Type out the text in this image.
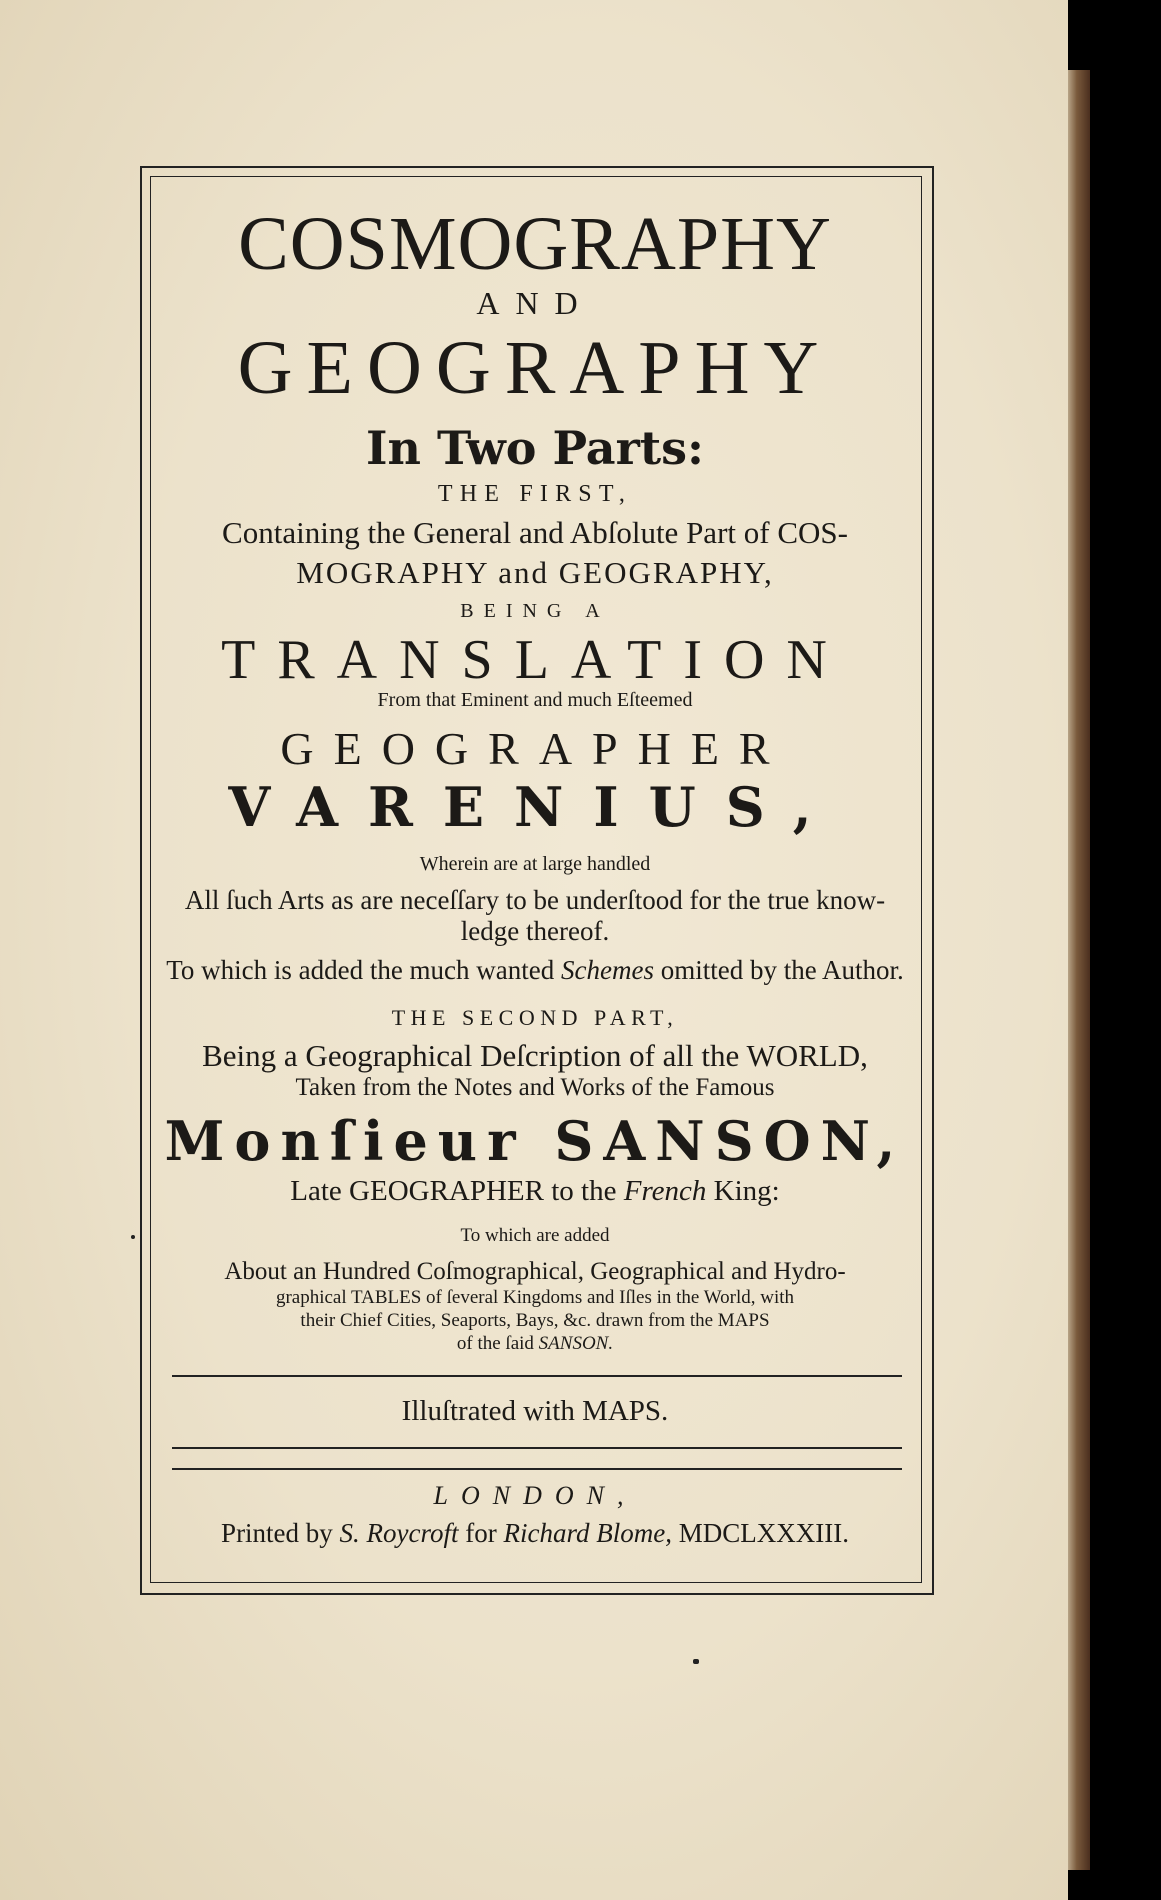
COSMOGRAPHY
AND
GEOGRAPHY
In Two Parts:
THE FIRST,
Containing the General and Abſolute Part of COS-
MOGRAPHY and GEOGRAPHY,
BEING A
TRANSLATION
From that Eminent and much Eſteemed
GEOGRAPHER
VARENIUS,
Wherein are at large handled
All ſuch Arts as are neceſſary to be underſtood for the true know-
ledge thereof.
To which is added the much wanted Schemes omitted by the Author.
THE SECOND PART,
Being a Geographical Deſcription of all the WORLD,
Taken from the Notes and Works of the Famous
Monſieur SANSON,
Late GEOGRAPHER to the French King:
To which are added
About an Hundred Coſmographical, Geographical and Hydro-
graphical TABLES of ſeveral Kingdoms and Iſles in the World, with
their Chief Cities, Seaports, Bays, &c. drawn from the MAPS
of the ſaid SANSON.
Illuſtrated with MAPS.
LONDON,
Printed by S. Roycroft for Richard Blome, MDCLXXXIII.
